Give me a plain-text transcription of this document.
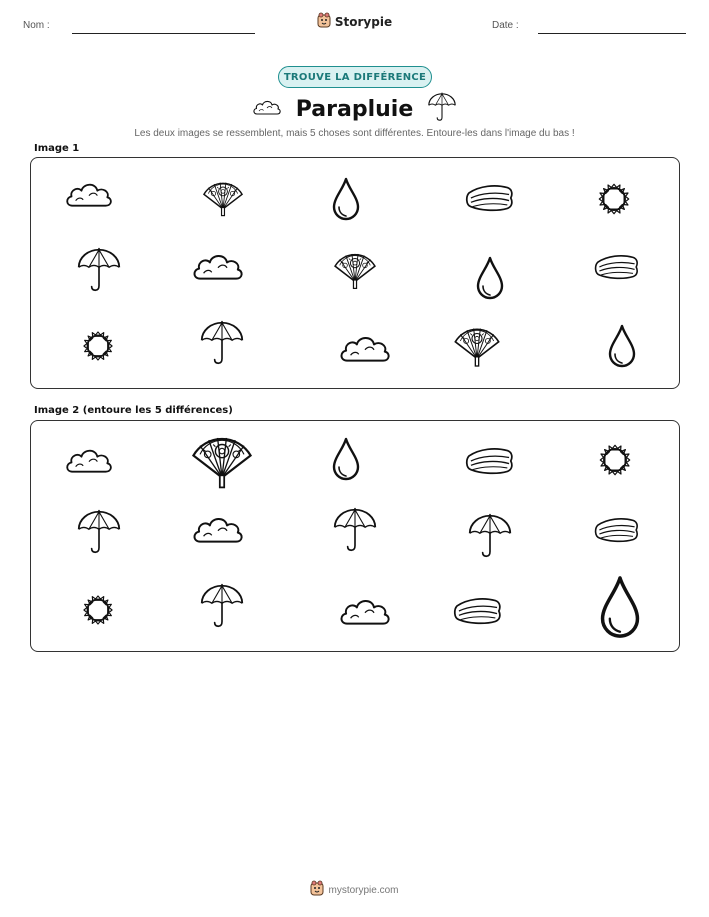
Nom :	Date :
Storypie
TROUVE LA DIFFÉRENCE
Parapluie
Les deux images se ressemblent, mais 5 choses sont différentes. Entoure-les dans l'image du bas !
Image 1
Image 2 (entoure les 5 différences)
mystorypie.com
